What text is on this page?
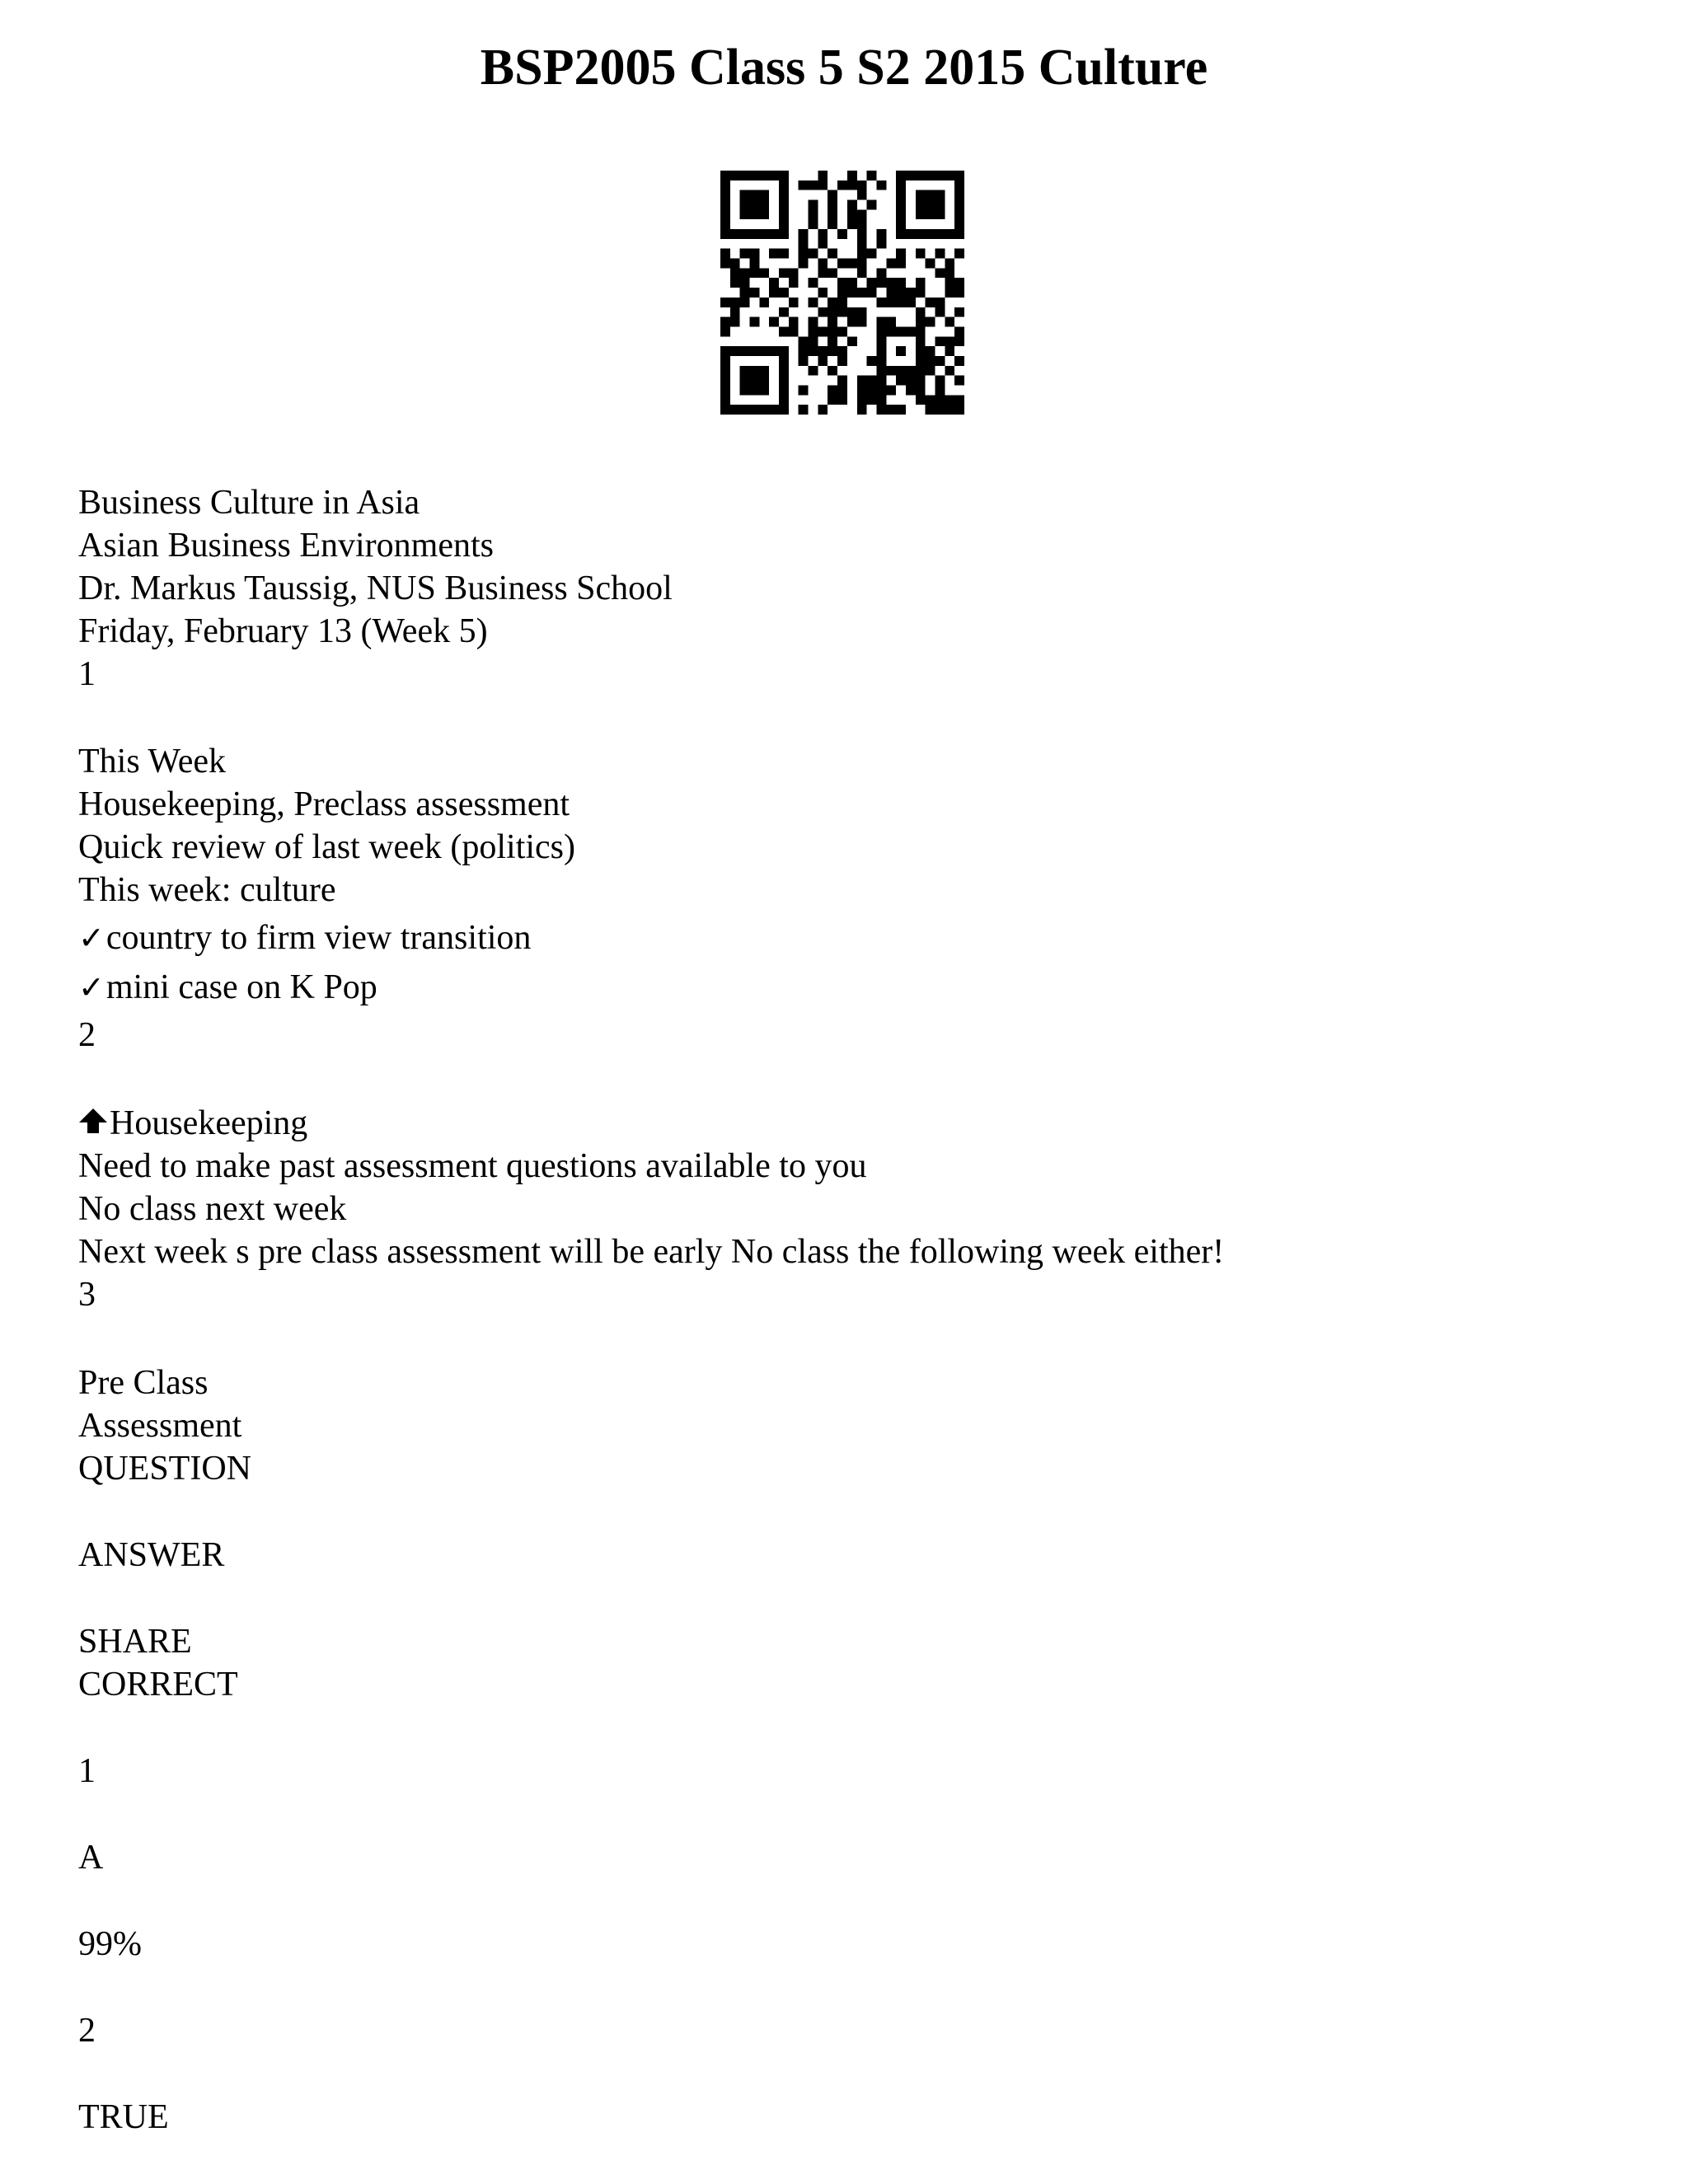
BSP2005 Class 5 S2 2015 Culture
Business Culture in Asia
Asian Business Environments
Dr. Markus Taussig, NUS Business School
Friday, February 13 (Week 5)
1
This Week
Housekeeping, Preclass assessment
Quick review of last week (politics)
This week: culture
✓country to firm view transition
✓mini case on K Pop
2
Housekeeping
Need to make past assessment questions available to you
No class next week
Next week s pre class assessment will be early No class the following week either!
3
Pre Class
Assessment
QUESTION
ANSWER
SHARE
CORRECT
1
A
99%
2
TRUE
